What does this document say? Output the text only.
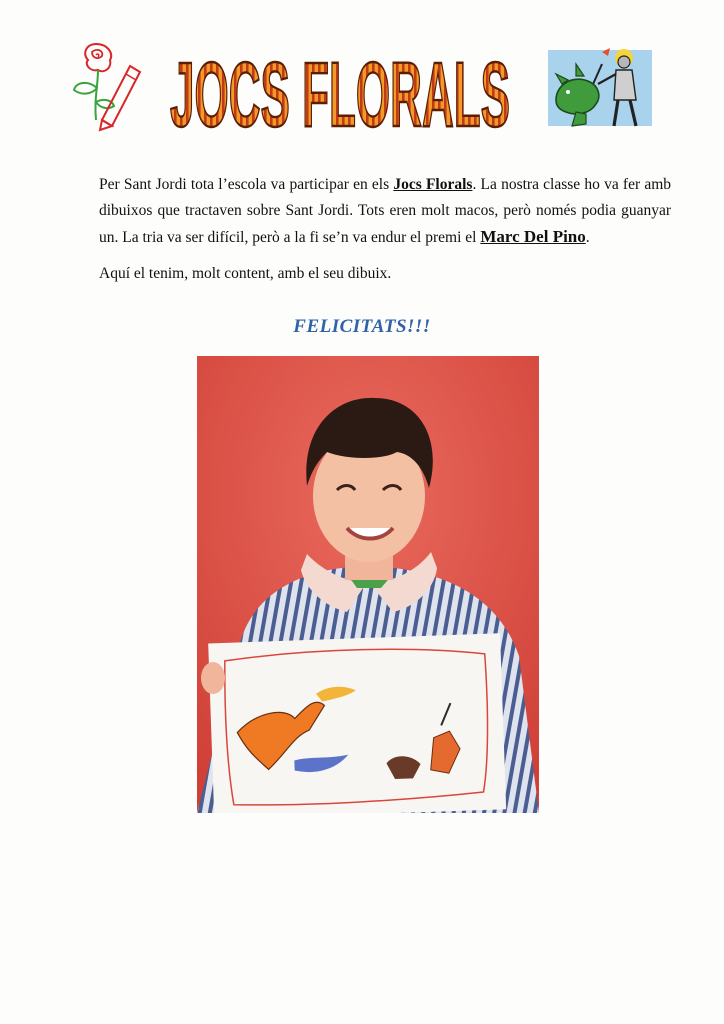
JOCS FLORALS

Per Sant Jordi tota l’escola va participar en els Jocs Florals. La nostra classe ho va fer amb dibuixos que tractaven sobre Sant Jordi. Tots eren molt macos, però només podia guanyar un. La tria va ser difícil, però a la fi se’n va endur el premi el Marc Del Pino.

Aquí el tenim, molt content, amb el seu dibuix.

FELICITATS!!!
